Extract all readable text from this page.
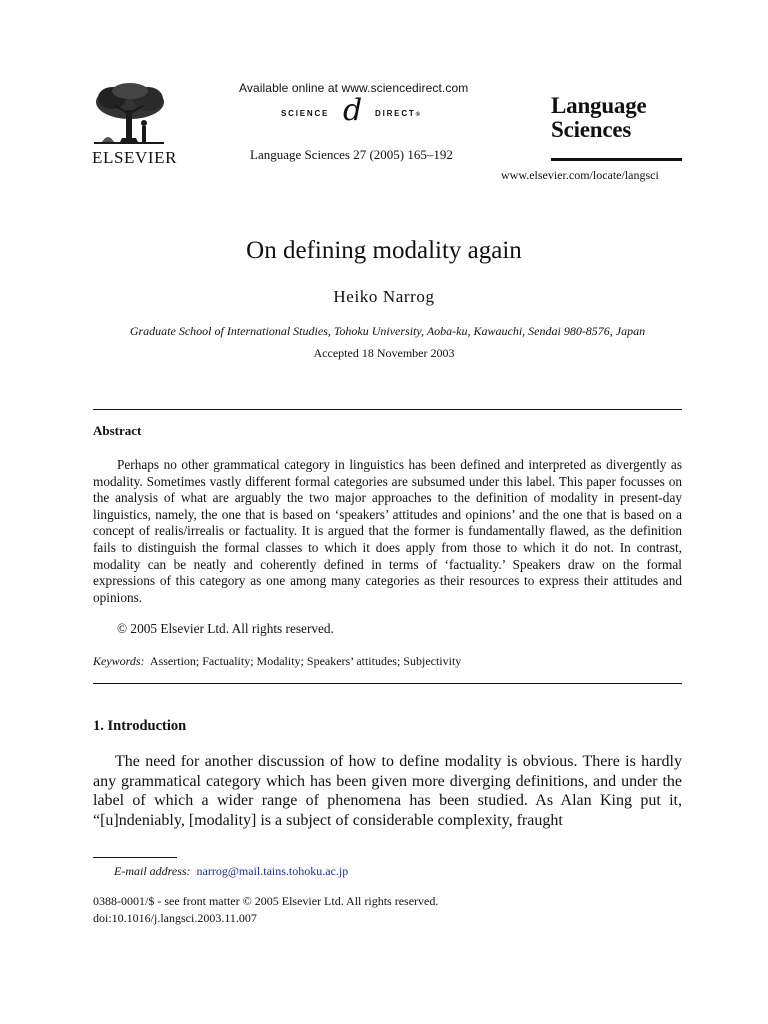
ELSEVIER
Available online at www.sciencedirect.com
SCIENCE d DIRECT®
Language Sciences 27 (2005) 165–192
Language
Sciences
www.elsevier.com/locate/langsci
On defining modality again
Heiko Narrog
Graduate School of International Studies, Tohoku University, Aoba-ku, Kawauchi, Sendai 980-8576, Japan
Accepted 18 November 2003
Abstract

Perhaps no other grammatical category in linguistics has been defined and interpreted as divergently as modality. Sometimes vastly different formal categories are subsumed under this label. This paper focusses on the analysis of what are arguably the two major approaches to the definition of modality in present-day linguistics, namely, the one that is based on ‘speakers’ attitudes and opinions’ and the one that is based on a concept of realis/irrealis or factuality. It is argued that the former is fundamentally flawed, as the definition fails to distinguish the formal classes to which it does apply from those to which it do not. In contrast, modality can be neatly and coherently defined in terms of ‘factuality.’ Speakers draw on the formal expressions of this category as one among many categories as their resources to express their attitudes and opinions.

© 2005 Elsevier Ltd. All rights reserved.
Keywords: Assertion; Factuality; Modality; Speakers’ attitudes; Subjectivity
1. Introduction

The need for another discussion of how to define modality is obvious. There is hardly any grammatical category which has been given more diverging definitions, and under the label of which a wider range of phenomena has been studied. As Alan King put it, “[u]ndeniably, [modality] is a subject of considerable complexity, fraught

E-mail address: narrog@mail.tains.tohoku.ac.jp
0388-0001/$ - see front matter © 2005 Elsevier Ltd. All rights reserved.
doi:10.1016/j.langsci.2003.11.007
